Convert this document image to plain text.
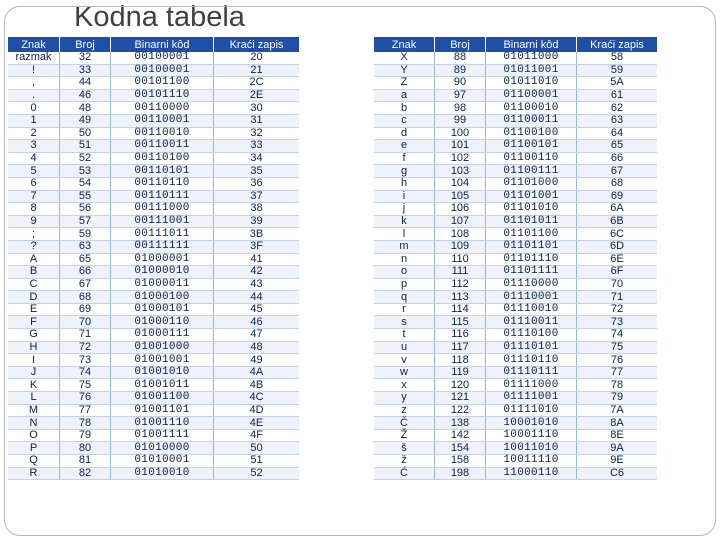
Kodna tabela
Znak	Broj	Binarni kôd	Kraći zapis
razmak	32	00100001	20
!	33	00100001	21
,	44	00101100	2C
.	46	00101110	2E
0	48	00110000	30
1	49	00110001	31
2	50	00110010	32
3	51	00110011	33
4	52	00110100	34
5	53	00110101	35
6	54	00110110	36
7	55	00110111	37
8	56	00111000	38
9	57	00111001	39
;	59	00111011	3B
?	63	00111111	3F
A	65	01000001	41
B	66	01000010	42
C	67	01000011	43
D	68	01000100	44
E	69	01000101	45
F	70	01000110	46
G	71	01000111	47
H	72	01001000	48
I	73	01001001	49
J	74	01001010	4A
K	75	01001011	4B
L	76	01001100	4C
M	77	01001101	4D
N	78	01001110	4E
O	79	01001111	4F
P	80	01010000	50
Q	81	01010001	51
R	82	01010010	52
Znak	Broj	Binarni kôd	Kraći zapis
X	88	01011000	58
Y	89	01011001	59
Z	90	01011010	5A
a	97	01100001	61
b	98	01100010	62
c	99	01100011	63
d	100	01100100	64
e	101	01100101	65
f	102	01100110	66
g	103	01100111	67
h	104	01101000	68
i	105	01101001	69
j	106	01101010	6A
k	107	01101011	6B
l	108	01101100	6C
m	109	01101101	6D
n	110	01101110	6E
o	111	01101111	6F
p	112	01110000	70
q	113	01110001	71
r	114	01110010	72
s	115	01110011	73
t	116	01110100	74
u	117	01110101	75
v	118	01110110	76
w	119	01110111	77
x	120	01111000	78
y	121	01111001	79
z	122	01111010	7A
Č	138	10001010	8A
Ž	142	10001110	8E
š	154	10011010	9A
ž	158	10011110	9E
Ć	198	11000110	C6
